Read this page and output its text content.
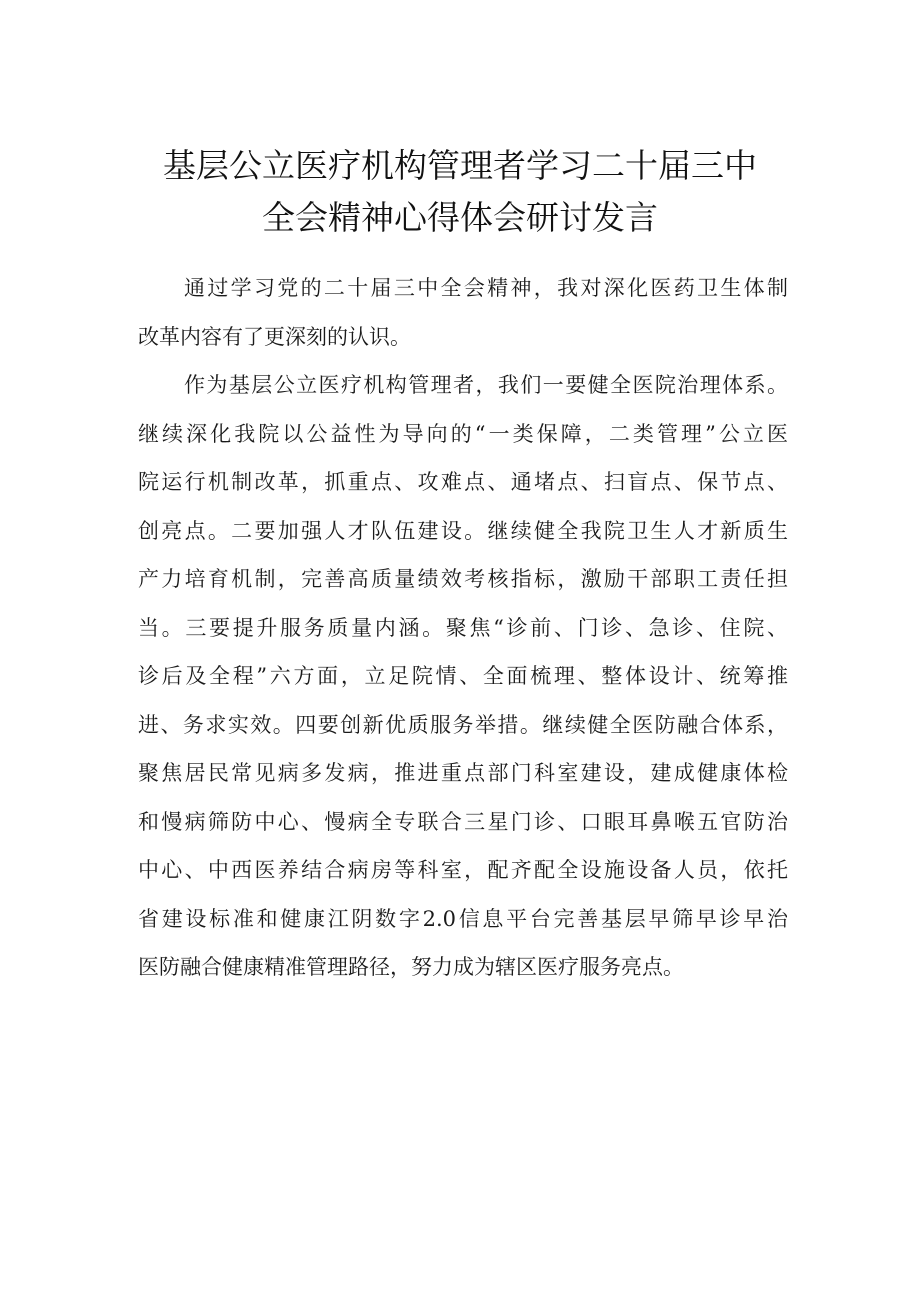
基层公立医疗机构管理者学习二十届三中
全会精神心得体会研讨发言
通过学习党的二十届三中全会精神，我对深化医药卫生体制
改革内容有了更深刻的认识。
作为基层公立医疗机构管理者，我们一要健全医院治理体系。
继续深化我院以公益性为导向的“一类保障，二类管理”公立医
院运行机制改革，抓重点、攻难点、通堵点、扫盲点、保节点、
创亮点。二要加强人才队伍建设。继续健全我院卫生人才新质生
产力培育机制，完善高质量绩效考核指标，激励干部职工责任担
当。三要提升服务质量内涵。聚焦“诊前、门诊、急诊、住院、
诊后及全程”六方面，立足院情、全面梳理、整体设计、统筹推
进、务求实效。四要创新优质服务举措。继续健全医防融合体系，
聚焦居民常见病多发病，推进重点部门科室建设，建成健康体检
和慢病筛防中心、慢病全专联合三星门诊、口眼耳鼻喉五官防治
中心、中西医养结合病房等科室，配齐配全设施设备人员，依托
省建设标准和健康江阴数字2.0信息平台完善基层早筛早诊早治
医防融合健康精准管理路径，努力成为辖区医疗服务亮点。
